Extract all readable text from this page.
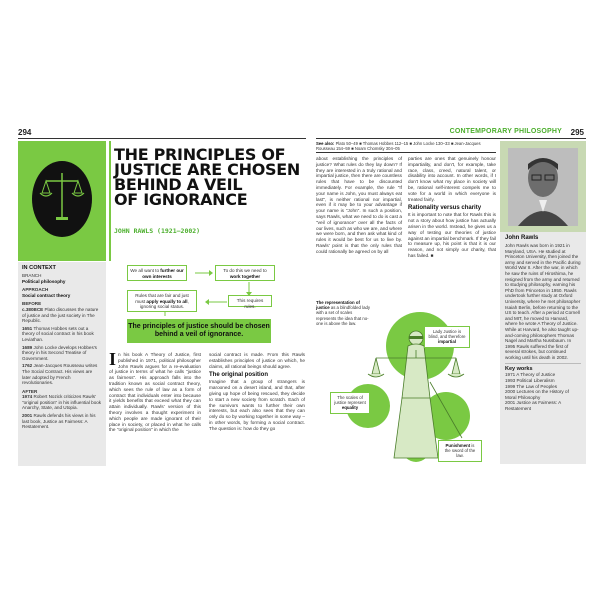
294	CONTEMPORARY PHILOSOPHY 295
THE PRINCIPLES OF
JUSTICE ARE CHOSEN
BEHIND A VEIL
OF IGNORANCE
JOHN RAWLS (1921–2002)
IN CONTEXT
BRANCH
Political philosophy
APPROACH
Social contract theory
BEFORE
c.380BCE Plato discusses the nature of justice and the just society in The Republic.
1651 Thomas Hobbes sets out a theory of social contract in his book Leviathan.
1689 John Locke develops Hobbes's theory in his Second Treatise of Government.
1762 Jean-Jacques Rousseau writes The Social Contract. His views are later adopted by French revolutionaries.
AFTER
1974 Robert Nozick criticizes Rawls' "original position" in his influential book Anarchy, State, and Utopia.
2001 Rawls defends his views in his last book, Justice as Fairness: A Restatement.
We all want to further our own interests
To do this we need to work together
Rules that are fair and just must apply equally to all, ignoring social status.
This requires rules.
The principles of justice should be chosen behind a veil of ignorance.
I n his book A Theory of Justice, first published in 1971, political philosopher John Rawls argues for a re-evaluation of justice in terms of what he calls "justice as fairness". His approach falls into the tradition known as social contract theory, which sees the rule of law as a form of contract that individuals enter into because it yields benefits that exceed what they can attain individually. Rawls' version of this theory involves a thought experiment in which people are made ignorant of their place in society, or placed in what he calls the "original position" in which the
social contract is made. From this Rawls establishes principles of justice on which, he claims, all rational beings should agree.
The original position
Imagine that a group of strangers is marooned on a desert island, and that, after giving up hope of being rescued, they decide to start a new society from scratch. Each of the survivors wants to further their own interests, but each also sees that they can only do so by working together in some way – in other words, by forming a social contract. The question is: how do they go
See also: Plato 50–49 ■ Thomas Hobbes 112–15 ■ John Locke 130–33 ■ Jean-Jacques Rousseau 154–59 ■ Noam Chomsky 304–05
about establishing the principles of justice? What rules do they lay down? If they are interested in a truly rational and impartial justice, then there are countless rules that have to be discounted immediately. For example, the rule "If your name is John, you must always eat last", is neither rational nor impartial, even if it may be to your advantage if your name is "John". In such a position, says Rawls, what we need to do is cast a "veil of ignorance" over all the facts of our lives, such as who we are, and where we were born, and then ask what kind of rules it would be best for us to live by. Rawls' point is that the only rules that could rationally be agreed on by all
parties are ones that genuinely honour impartiality, and don't, for example, take race, class, creed, natural talent, or disability into account. In other words, if I don't know what my place in society will be, rational self-interest compels me to vote for a world in which everyone is treated fairly.
Rationality versus charity
It is important to note that for Rawls this is not a story about how justice has actually arisen in the world. Instead, he gives us a way of testing our theories of justice against an impartial benchmark. If they fail to measure up, his point is that it is our reason, and not simply our charity, that has failed. ■
The representation of justice as a blindfolded lady with a set of scales represents the idea that no-one is above the law.
Lady Justice is blind, and therefore impartial
The scales of justice represent equality
Punishment is the sword of the law.
John Rawls
John Rawls was born in 1921 in Maryland, USA. He studied at Princeton University, then joined the army and served in the Pacific during World War II. After the war, in which he saw the ruins of Hiroshima, he resigned from the army and returned to studying philosophy, earning his PhD from Princeton in 1950. Rawls undertook further study at Oxford University, where he met philosopher Isaiah Berlin, before returning to the US to teach. After a period at Cornell and MIT, he moved to Harvard, where he wrote A Theory of Justice. While at Harvard, he also taught up-and-coming philosophers Thomas Nagel and Martha Nussbaum. In 1995 Rawls suffered the first of several strokes, but continued working until his death in 2002.
Key works
1971 A Theory of Justice
1993 Political Liberalism
1999 The Law of Peoples
2000 Lectures on the History of Moral Philosophy
2001 Justice as Fairness: A Restatement
